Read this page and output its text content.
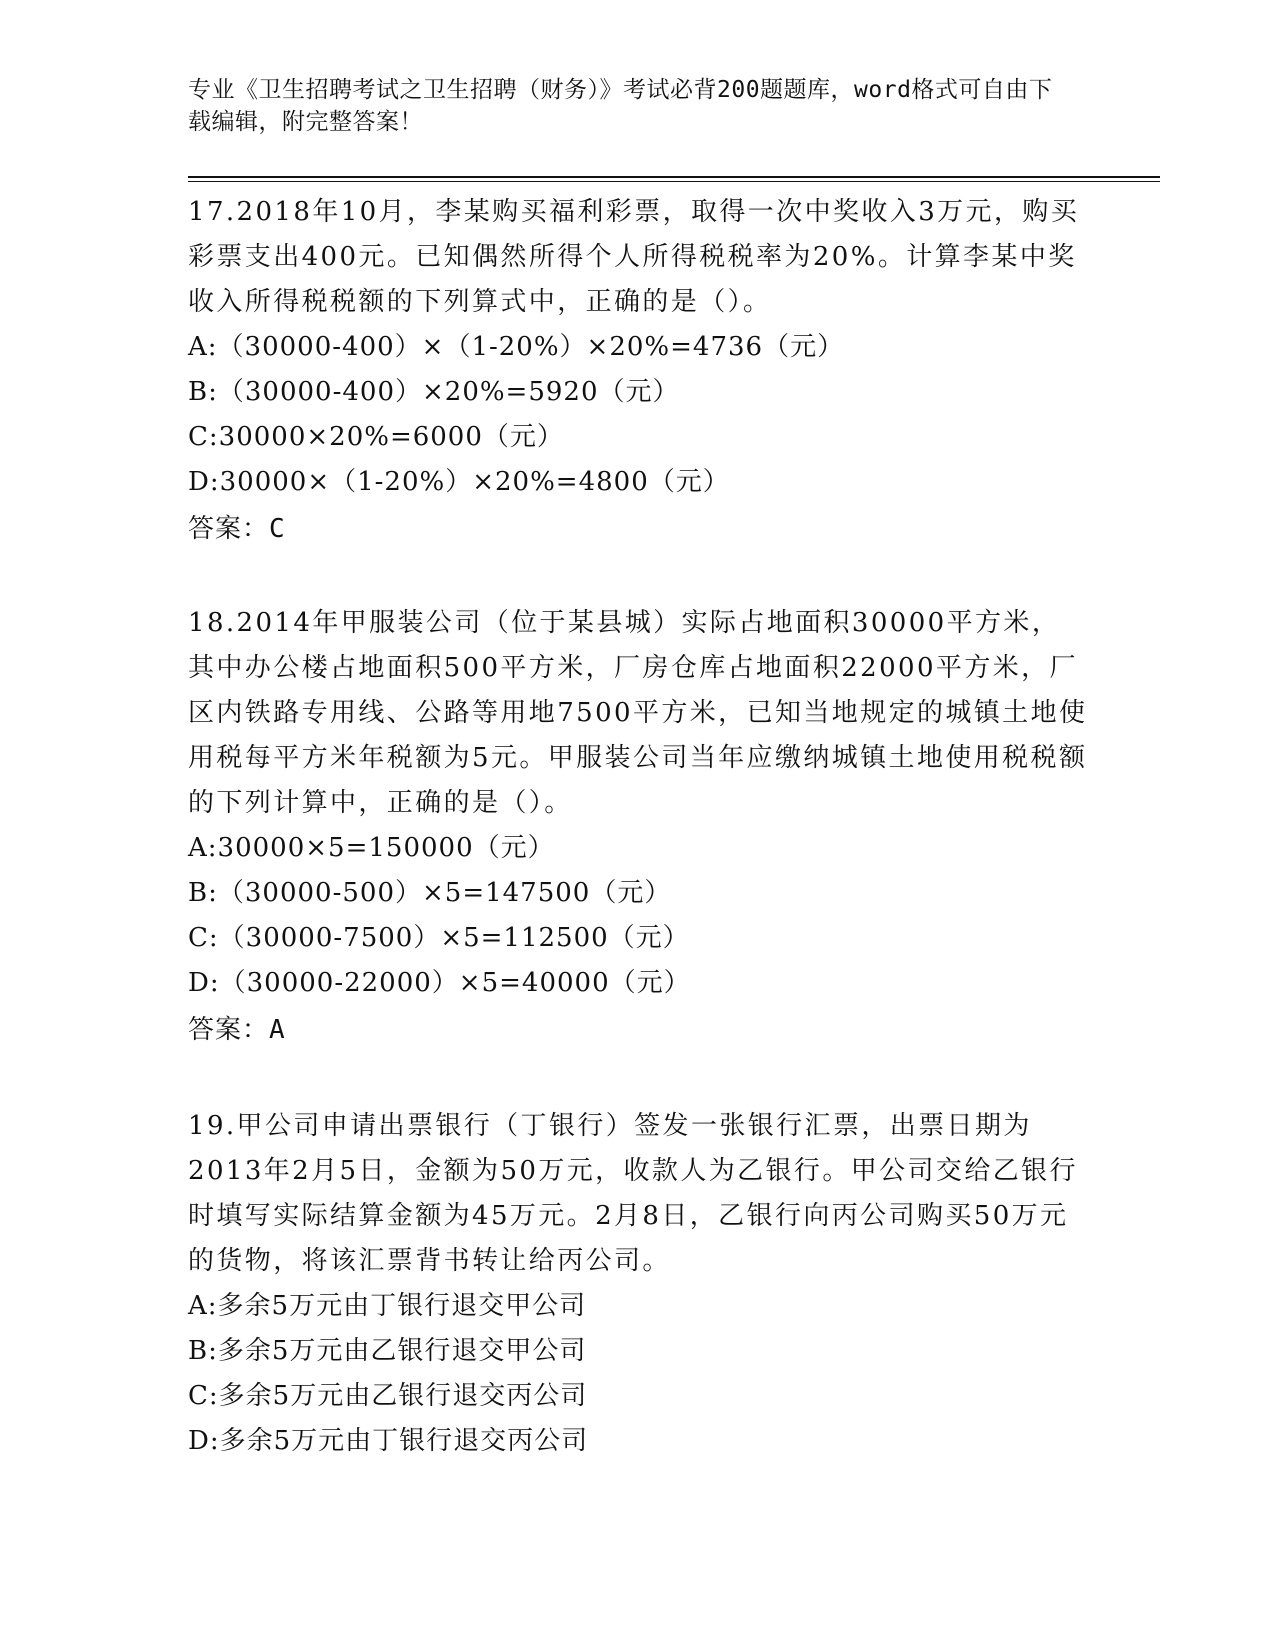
专业《卫生招聘考试之卫生招聘（财务）》考试必背200题题库，word格式可自由下载编辑，附完整答案！

17.2018年10月，李某购买福利彩票，取得一次中奖收入3万元，购买彩票支出400元。已知偶然所得个人所得税税率为20%。计算李某中奖收入所得税税额的下列算式中，正确的是（）。

A:（30000-400）×（1-20%）×20%=4736（元）

B:（30000-400）×20%=5920（元）

C:30000×20%=6000（元）

D:30000×（1-20%）×20%=4800（元）

答案：C

18.2014年甲服装公司（位于某县城）实际占地面积30000平方米，其中办公楼占地面积500平方米，厂房仓库占地面积22000平方米，厂区内铁路专用线、公路等用地7500平方米，已知当地规定的城镇土地使用税每平方米年税额为5元。甲服装公司当年应缴纳城镇土地使用税税额的下列计算中，正确的是（）。

A:30000×5=150000（元）

B:（30000-500）×5=147500（元）

C:（30000-7500）×5=112500（元）

D:（30000-22000）×5=40000（元）

答案：A

19.甲公司申请出票银行（丁银行）签发一张银行汇票，出票日期为2013年2月5日，金额为50万元，收款人为乙银行。甲公司交给乙银行时填写实际结算金额为45万元。2月8日，乙银行向丙公司购买50万元的货物，将该汇票背书转让给丙公司。

A:多余5万元由丁银行退交甲公司

B:多余5万元由乙银行退交甲公司

C:多余5万元由乙银行退交丙公司

D:多余5万元由丁银行退交丙公司
